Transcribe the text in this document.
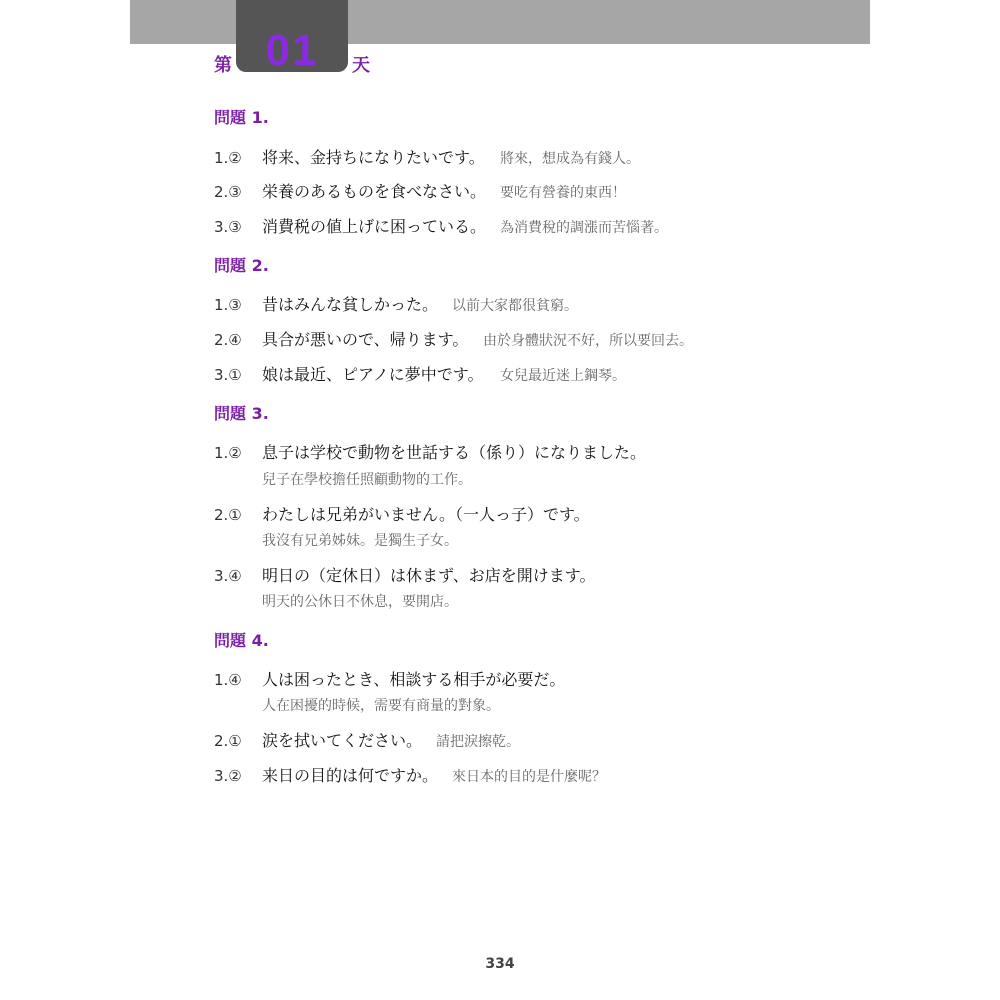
01
第	天
問題 1.
1.② 将来、金持ちになりたいです。 將來，想成為有錢人。
2.③ 栄養のあるものを食べなさい。 要吃有營養的東西！
3.③ 消費税の値上げに困っている。 為消費稅的調漲而苦惱著。
問題 2.
1.③ 昔はみんな貧しかった。 以前大家都很貧窮。
2.④ 具合が悪いので、帰ります。 由於身體狀況不好，所以要回去。
3.① 娘は最近、ピアノに夢中です。 女兒最近迷上鋼琴。
問題 3.
1.② 息子は学校で動物を世話する（係り）になりました。
兒子在學校擔任照顧動物的工作。
2.① わたしは兄弟がいません。（一人っ子）です。
我沒有兄弟姊妹。是獨生子女。
3.④ 明日の（定休日）は休まず、お店を開けます。
明天的公休日不休息，要開店。
問題 4.
1.④ 人は困ったとき、相談する相手が必要だ。
人在困擾的時候，需要有商量的對象。
2.① 涙を拭いてください。 請把淚擦乾。
3.② 来日の目的は何ですか。 來日本的目的是什麼呢？
334
